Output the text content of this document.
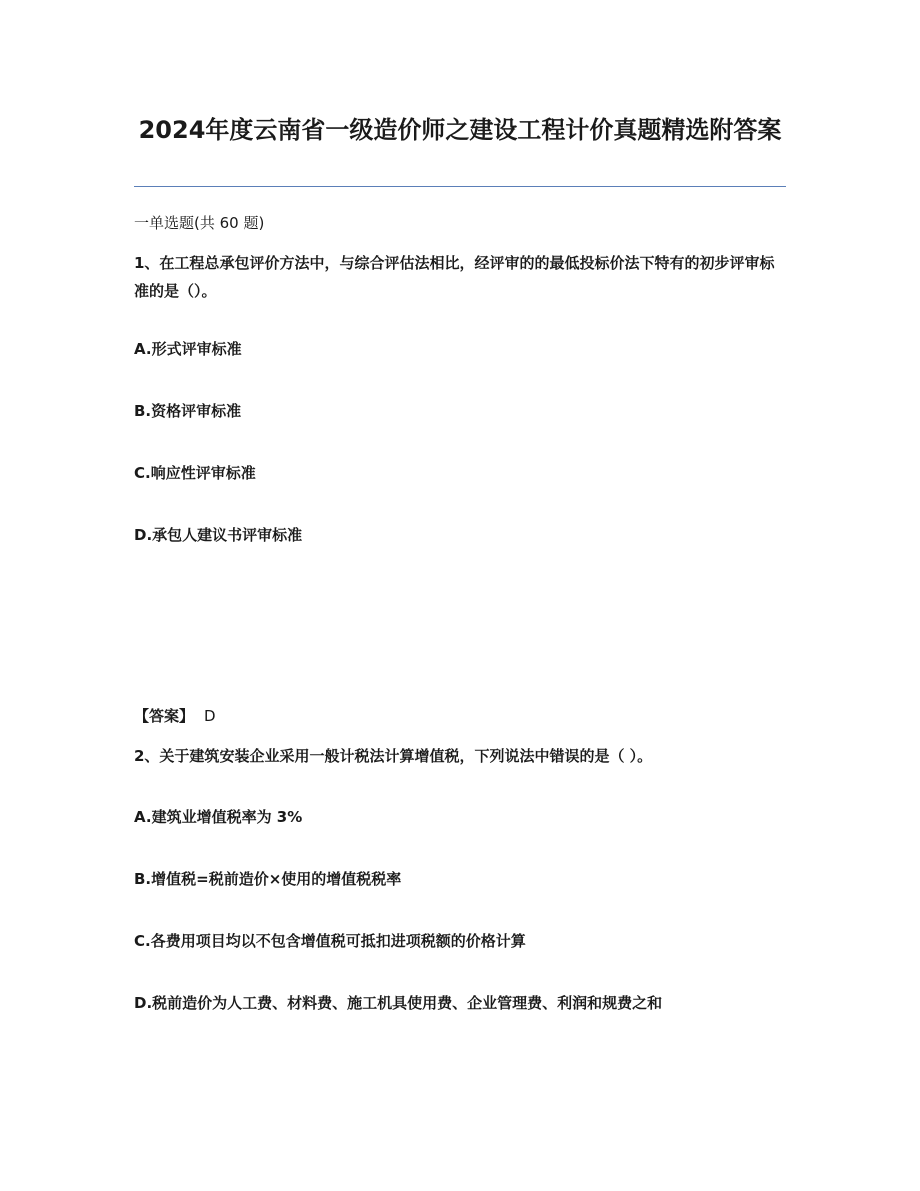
2024年度云南省一级造价师之建设工程计价真题精选附答案

一单选题(共 60 题)

1、在工程总承包评价方法中，与综合评估法相比，经评审的的最低投标价法下特有的初步评审标准的是（）。

A.形式评审标准

B.资格评审标准

C.响应性评审标准

D.承包人建议书评审标准

【答案】 D

2、关于建筑安装企业采用一般计税法计算增值税，下列说法中错误的是（ ）。

A.建筑业增值税率为 3%

B.增值税=税前造价×使用的增值税税率

C.各费用项目均以不包含增值税可抵扣进项税额的价格计算

D.税前造价为人工费、材料费、施工机具使用费、企业管理费、利润和规费之和
